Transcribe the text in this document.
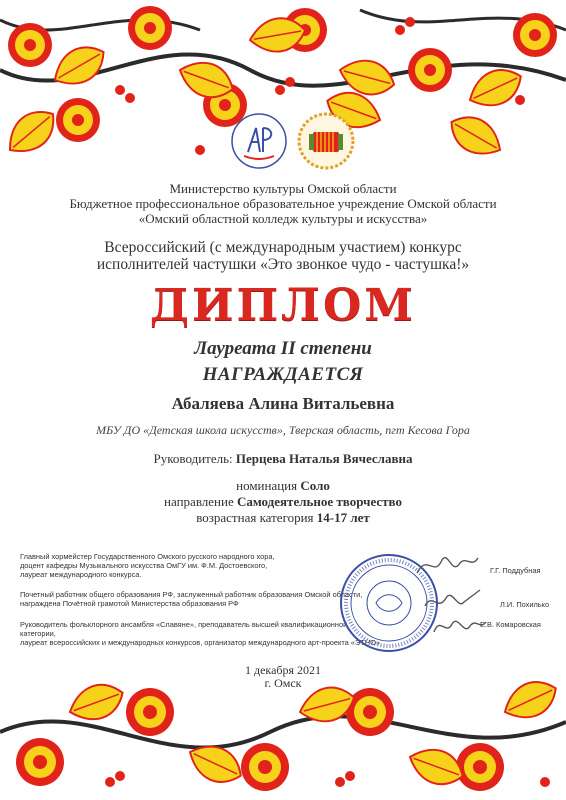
Министерство культуры Омской области
Бюджетное профессиональное образовательное учреждение Омской области
«Омский областной колледж культуры и искусства»
Всероссийский (с международным участием) конкурс
исполнителей частушки «Это звонкое чудо - частушка!»
ДИПЛОМ
Лауреата II степени
НАГРАЖДАЕТСЯ
Абаляева Алина Витальевна
МБУ ДО «Детская школа искусств», Тверская область, пгт Кесова Гора
Руководитель: Перцева Наталья Вячеславна
номинация Соло
направление Самодеятельное творчество
возрастная категория 14-17 лет
Главный хормейстер Государственного Омского русского народного хора,
доцент кафедры Музыкального искусства ОмГУ им. Ф.М. Достоевского,
лауреат международного конкурса.	Г.Г. Поддубная
Почетный работник общего образования РФ, заслуженный работник образования Омской области,
награждена Почётной грамотой Министерства образования РФ	Л.И. Похилько
Руководитель фольклорного ансамбля «Славяне», преподаватель высшей квалификационной категории,
лауреат всероссийских и международных конкурсов, организатор международного арт-проекта «ЭТНО»
Е.В. Комаровская
1 декабря 2021
г. Омск
